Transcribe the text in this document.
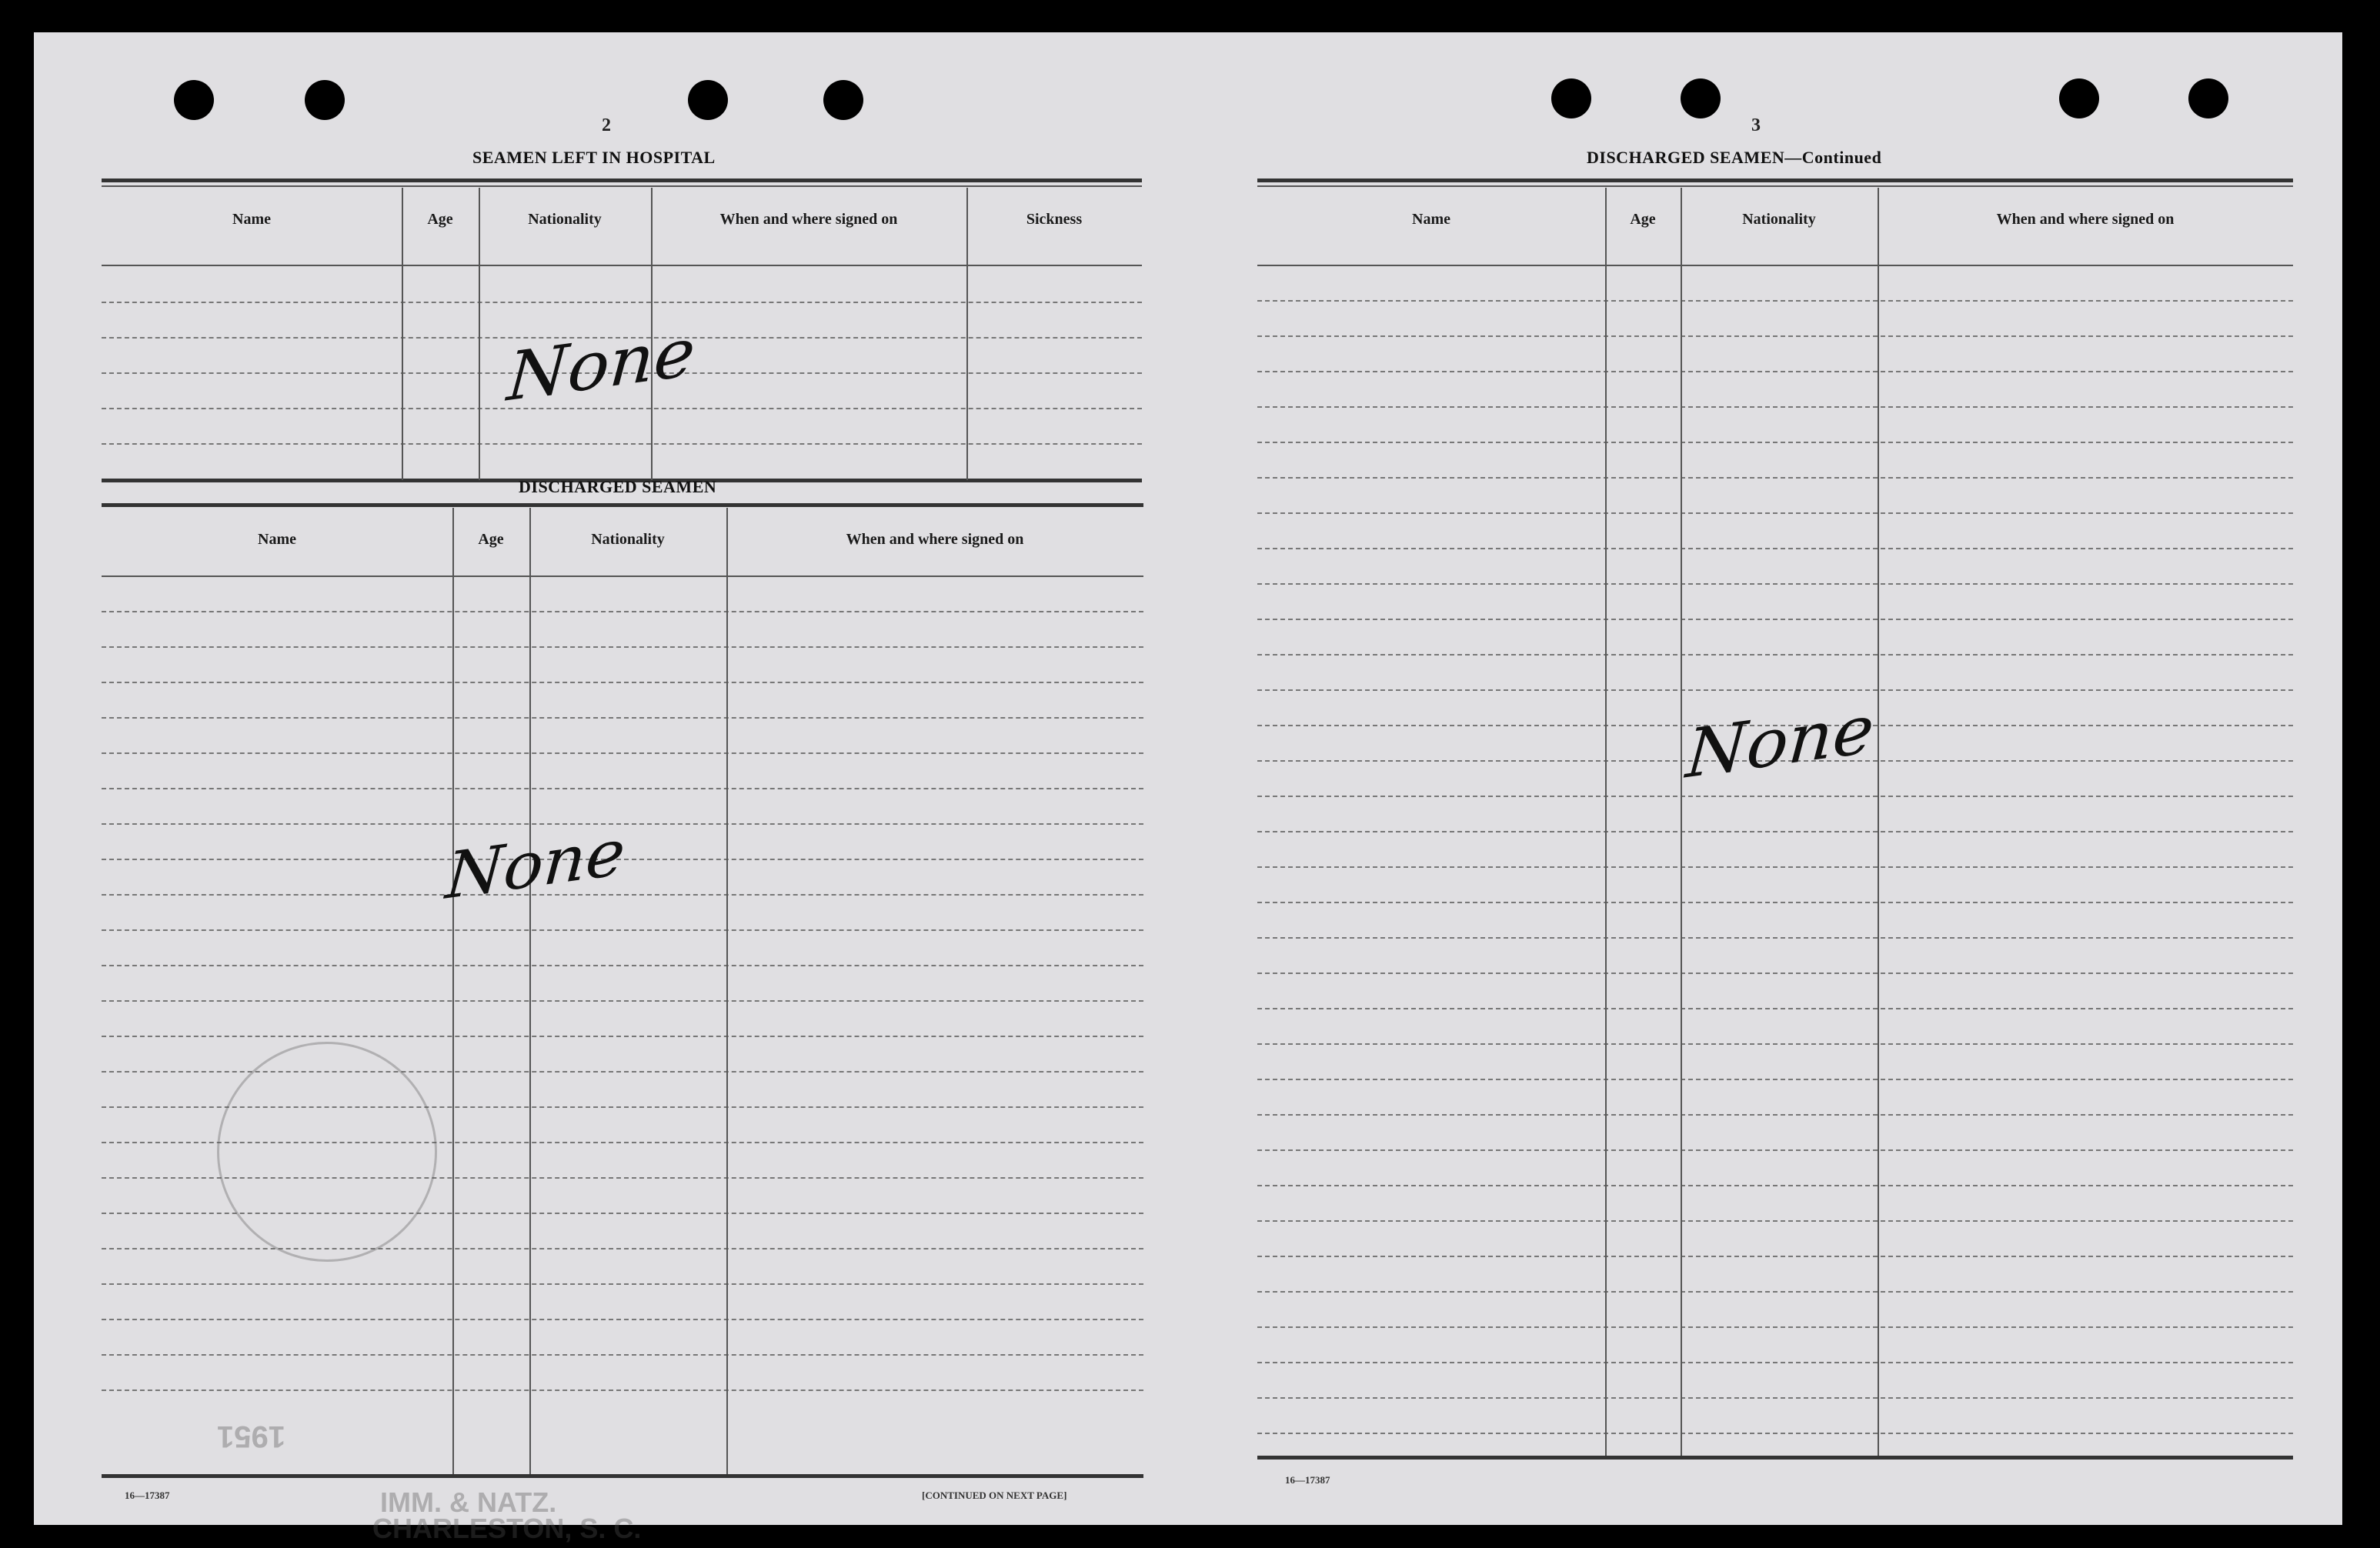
2
SEAMEN LEFT IN HOSPITAL
Name	Age	Nationality	When and where signed on	Sickness
None
DISCHARGED SEAMEN
Name	Age	Nationality	When and where signed on
None
1951
16—17387	[CONTINUED ON NEXT PAGE]
IMM. & NATZ.
CHARLESTON, S. C.
3
DISCHARGED SEAMEN—Continued
Name	Age	Nationality	When and where signed on
None
16—17387
